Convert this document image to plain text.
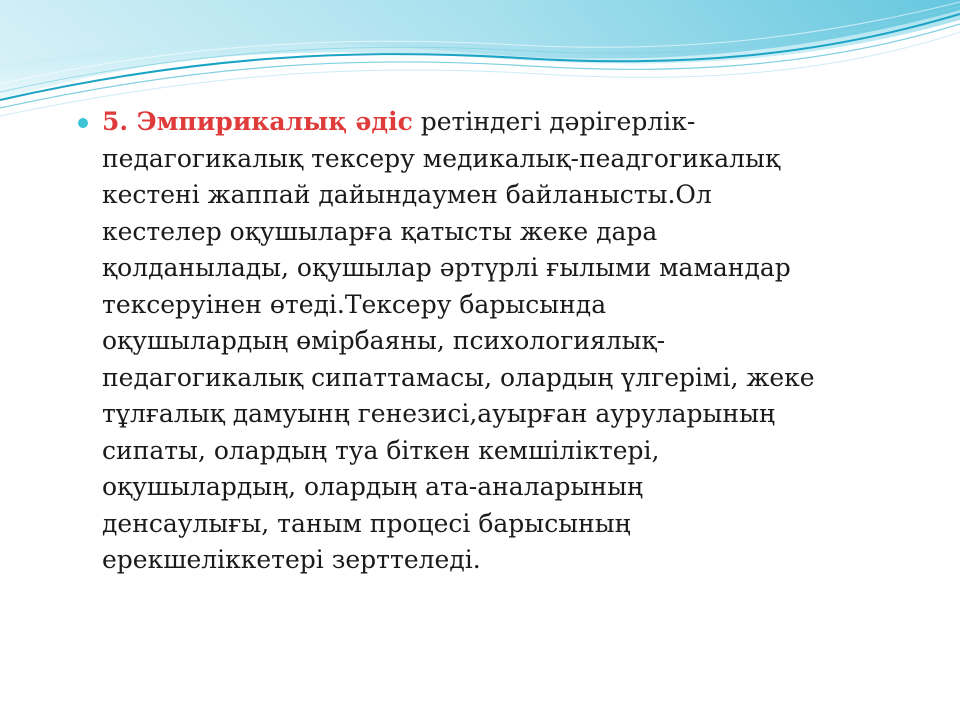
5. Эмпирикалық әдіс ретіндегі дәрігерлік-
педагогикалық тексеру медикалық-пеадгогикалық
кестені жаппай дайындаумен байланысты.Ол
кестелер оқушыларға қатысты жеке дара
қолданылады, оқушылар әртүрлі ғылыми мамандар
тексеруінен өтеді.Тексеру барысында
оқушылардың өмірбаяны, психологиялық-
педагогикалық сипаттамасы, олардың үлгерімі, жеке
тұлғалық дамуынң генезисі,ауырған ауруларының
сипаты, олардың туа біткен кемшіліктері,
оқушылардың, олардың ата-аналарының
денсаулығы, таным процесі барысының
ерекшеліккетері зерттеледі.
